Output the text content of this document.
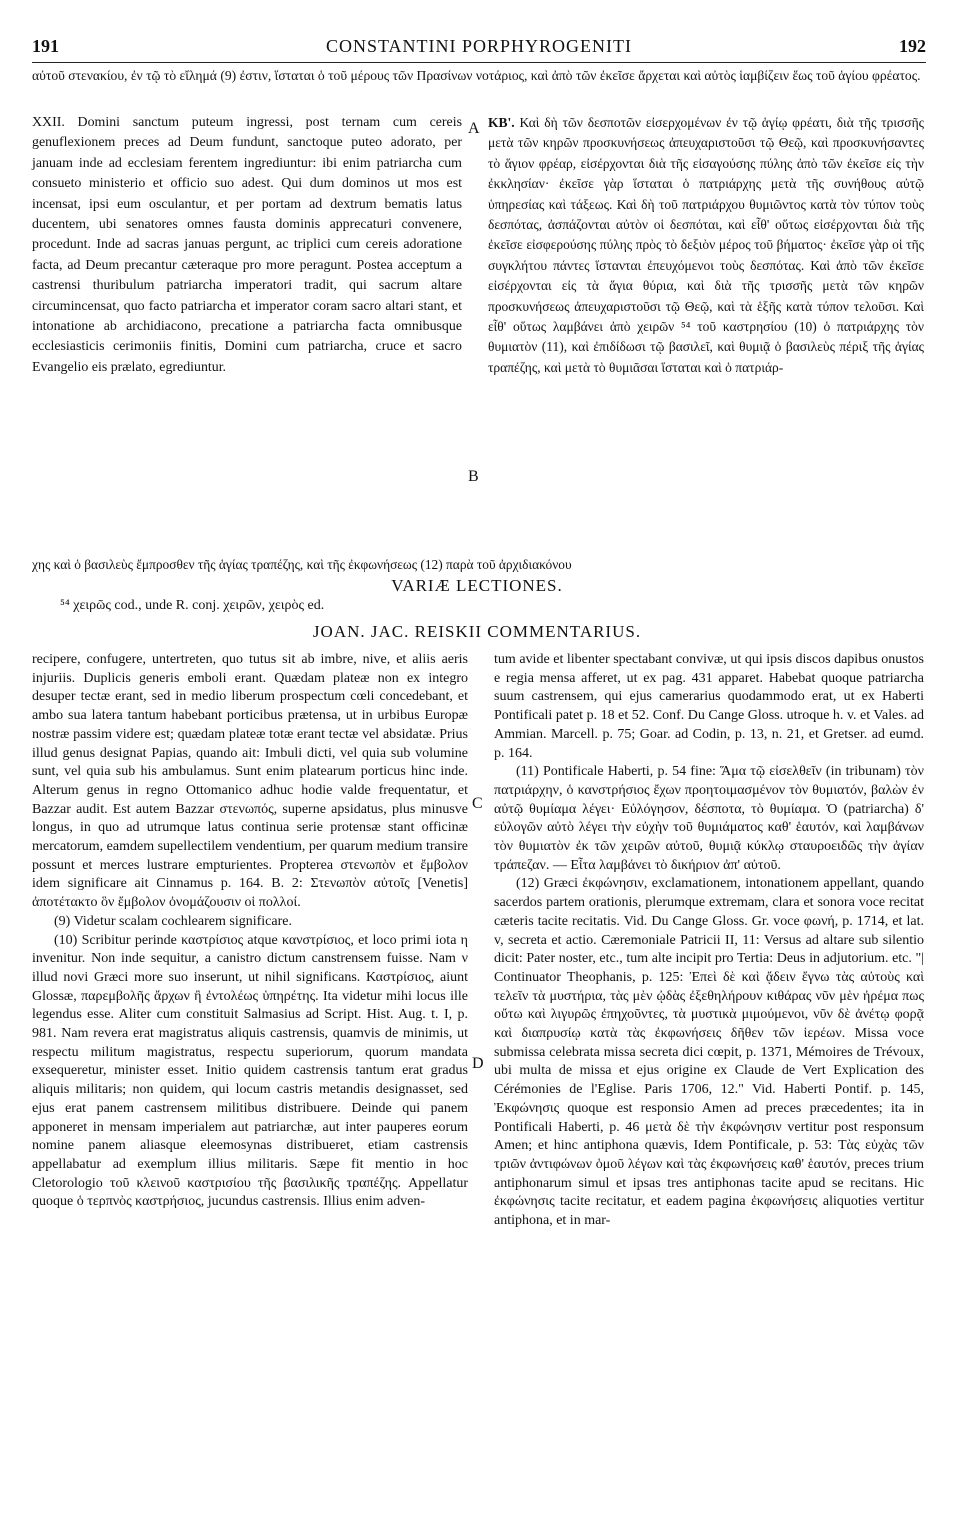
191	CONSTANTINI PORPHYROGENITI	192
αὐτοῦ στενακίου, ἐν τῷ τὸ εἴλημά (9) ἐστιν, ἵσταται ὁ τοῦ μέρους τῶν Πρασίνων νοτάριος, καὶ ἀπὸ τῶν ἐκεῖσε ἄρχεται καὶ αὐτὸς ἱαμβίζειν ἕως τοῦ ἁγίου φρέατος.
XXII. Domini sanctum puteum ingressi, post ternam cum cereis genuflexionem preces ad Deum fundunt, sanctoque puteo adorato, per januam inde ad ecclesiam ferentem ingrediuntur: ibi enim patriarcha cum consueto ministerio et officio suo adest. Qui dum dominos ut mos est incensat, ipsi eum osculantur, et per portam ad dextrum bematis latus ducentem, ubi senatores omnes fausta dominis apprecaturi convenere, procedunt. Inde ad sacras januas pergunt, ac triplici cum cereis adoratione facta, ad Deum precantur cæteraque pro more peragunt. Postea acceptum a castrensi thuribulum patriarcha imperatori tradit, qui sacrum altare circumincensat, quo facto patriarcha et imperator coram sacro altari stant, et intonatione ab archidiacono, precatione a patriarcha facta omnibusque ecclesiasticis cerimoniis finitis, Domini cum patriarcha, cruce et sacro Evangelio eis prælato, egrediuntur.
ΚΒ'. Καὶ δὴ τῶν δεσποτῶν εἰσερχομένων ἐν τῷ ἁγίῳ φρέατι, διὰ τῆς τρισσῆς μετὰ τῶν κηρῶν προσκυνήσεως ἀπευχαριστοῦσι τῷ Θεῷ, καὶ προσκυνήσαντες τὸ ἅγιον φρέαρ, εἰσέρχονται διὰ τῆς εἰσαγούσης πύλης ἀπὸ τῶν ἐκεῖσε εἰς τὴν ἐκκλησίαν· ἐκεῖσε γὰρ ἵσταται ὁ πατριάρχης μετὰ τῆς συνήθους αὐτῷ ὑπηρεσίας καὶ τάξεως. Καὶ δὴ τοῦ πατριάρχου θυμιῶντος κατὰ τὸν τύπον τοὺς δεσπότας, ἀσπάζονται αὐτὸν οἱ δεσπόται, καὶ εἶθ' οὕτως εἰσέρχονται διὰ τῆς ἐκεῖσε εἰσφερούσης πύλης πρὸς τὸ δεξιὸν μέρος τοῦ βήματος· ἐκεῖσε γὰρ οἱ τῆς συγκλήτου πάντες ἵστανται ἐπευχόμενοι τοὺς δεσπότας. Καὶ ἀπὸ τῶν ἐκεῖσε εἰσέρχονται εἰς τὰ ἅγια θύρια, καὶ διὰ τῆς τρισσῆς μετὰ τῶν κηρῶν προσκυνήσεως ἀπευχαριστοῦσι τῷ Θεῷ, καὶ τὰ ἑξῆς κατὰ τύπον τελοῦσι. Καὶ εἶθ' οὕτως λαμβάνει ἀπὸ χειρῶν ⁵⁴ τοῦ καστρησίου (10) ὁ πατριάρχης τὸν θυμιατὸν (11), καὶ ἐπιδίδωσι τῷ βασιλεῖ, καὶ θυμιᾷ ὁ βασιλεὺς πέριξ τῆς ἁγίας τραπέζης, καὶ μετὰ τὸ θυμιᾶσαι ἵσταται καὶ ὁ πατριάρ-
A
B
χης καὶ ὁ βασιλεὺς ἔμπροσθεν τῆς ἁγίας τραπέζης, καὶ τῆς ἐκφωνήσεως (12) παρὰ τοῦ ἀρχιδιακόνου
VARIÆ LECTIONES.
⁵⁴ χειρῶς cod., unde R. conj. χειρῶν, χειρὸς ed.
JOAN. JAC. REISKII COMMENTARIUS.

recipere, confugere, untertreten, quo tutus sit ab imbre, nive, et aliis aeris injuriis. Duplicis generis emboli erant. Quædam plateæ non ex integro desuper tectæ erant, sed in medio liberum prospectum cœli concedebant, et ambo sua latera tantum habebant porticibus prætensa, ut in urbibus Europæ nostræ passim videre est; quædam plateæ totæ erant tectæ vel absidatæ. Prius illud genus designat Papias, quando ait: Imbuli dicti, vel quia sub volumine sunt, vel quia sub his ambulamus. Sunt enim platearum porticus hinc inde. Alterum genus in regno Ottomanico adhuc hodie valde frequentatur, et Bazzar audit. Est autem Bazzar στενωπός, superne apsidatus, plus minusve longus, in quo ad utrumque latus continua serie protensæ stant officinæ mercatorum, eamdem supellectilem vendentium, per quarum medium transire possunt et merces lustrare empturientes. Propterea στενωπὸν et ἔμβολον idem significare ait Cinnamus p. 164. B. 2: Στενωπὸν αὐτοῖς [Venetis] ἀποτέτακτο ὃν ἔμβολον ὀνομάζουσιν οἱ πολλοί.

(9) Videtur scalam cochlearem significare.

(10) Scribitur perinde καστρίσιος atque κανστρίσιος, et loco primi iota η invenitur. Non inde sequitur, a canistro dictum canstrensem fuisse. Nam ν illud novi Græci more suo inserunt, ut nihil significans. Καστρίσιος, aiunt Glossæ, παρεμβολῆς ἄρχων ἢ ἐντολέως ὑπηρέτης. Ita videtur mihi locus ille legendus esse. Aliter cum constituit Salmasius ad Script. Hist. Aug. t. I, p. 981. Nam revera erat magistratus aliquis castrensis, quamvis de minimis, ut respectu militum magistratus, respectu superiorum, quorum mandata exsequeretur, minister esset. Initio quidem castrensis tantum erat gradus aliquis militaris; non quidem, qui locum castris metandis designasset, sed ejus erat panem castrensem militibus distribuere. Deinde qui panem apponeret in mensam imperialem aut patriarchæ, aut inter pauperes eorum nomine panem aliasque eleemosynas distribueret, etiam castrensis appellabatur ad exemplum illius militaris. Sæpe fit mentio in hoc Cletorologio τοῦ κλεινοῦ καστρισίου τῆς βασιλικῆς τραπέζης. Appellatur quoque ὁ τερπνὸς καστρήσιος, jucundus castrensis. Illius enim adven-

tum avide et libenter spectabant convivæ, ut qui ipsis discos dapibus onustos e regia mensa afferet, ut ex pag. 431 apparet. Habebat quoque patriarcha suum castrensem, qui ejus camerarius quodammodo erat, ut ex Haberti Pontificali patet p. 18 et 52. Conf. Du Cange Gloss. utroque h. v. et Vales. ad Ammian. Marcell. p. 75; Goar. ad Codin, p. 13, n. 21, et Gretser. ad eumd. p. 164.

(11) Pontificale Haberti, p. 54 fine: Ἅμα τῷ εἰσελθεῖν (in tribunam) τὸν πατριάρχην, ὁ κανστρήσιος ἔχων προητοιμασμένον τὸν θυμιατόν, βαλὼν ἐν αὐτῷ θυμίαμα λέγει· Εὐλόγησον, δέσποτα, τὸ θυμίαμα. Ὁ (patriarcha) δ' εὐλογῶν αὐτὸ λέγει τὴν εὐχὴν τοῦ θυμιάματος καθ' ἑαυτόν, καὶ λαμβάνων τὸν θυμιατὸν ἐκ τῶν χειρῶν αὐτοῦ, θυμιᾷ κύκλῳ σταυροειδῶς τὴν ἁγίαν τράπεζαν. — Εἶτα λαμβάνει τὸ δικήριον ἀπ' αὐτοῦ.

(12) Græci ἐκφώνησιν, exclamationem, intonationem appellant, quando sacerdos partem orationis, plerumque extremam, clara et sonora voce recitat cæteris tacite recitatis. Vid. Du Cange Gloss. Gr. voce φωνή, p. 1714, et lat. v, secreta et actio. Cæremoniale Patricii II, 11: Versus ad altare sub silentio dicit: Pater noster, etc., tum alte incipit pro Tertia: Deus in adjutorium. etc. "| Continuator Theophanis, p. 125: Ἐπεὶ δὲ καὶ ᾄδειν ἔγνω τὰς αὐτοὺς καὶ τελεῖν τὰ μυστήρια, τὰς μὲν ᾠδὰς ἐξεθηλήρουν κιθάρας νῦν μὲν ἠρέμα πως οὔτω καὶ λιγυρῶς ἐπηχοῦντες, τὰ μυστικὰ μιμούμενοι, νῦν δὲ ἀνέτῳ φορᾷ καὶ διαπρυσίῳ κατὰ τὰς ἐκφωνήσεις δῆθεν τῶν ἱερέων. Missa voce submissa celebrata missa secreta dici cœpit, p. 1371, Mémoires de Trévoux, ubi multa de missa et ejus origine ex Claude de Vert Explication des Cérémonies de l'Eglise. Paris 1706, 12." Vid. Haberti Pontif. p. 145, Ἐκφώνησις quoque est responsio Amen ad preces præcedentes; ita in Pontificali Haberti, p. 46 μετὰ δὲ τὴν ἐκφώνησιν vertitur post responsum Amen; et hinc antiphona quævis, Idem Pontificale, p. 53: Τὰς εὐχὰς τῶν τριῶν ἀντιφώνων ὁμοῦ λέγων καὶ τὰς ἐκφωνήσεις καθ' ἑαυτόν, preces trium antiphonarum simul et ipsas tres antiphonas tacite apud se recitans. Hic ἐκφώνησις tacite recitatur, et eadem pagina ἐκφωνήσεις aliquoties vertitur antiphona, et in mar-

C
D
